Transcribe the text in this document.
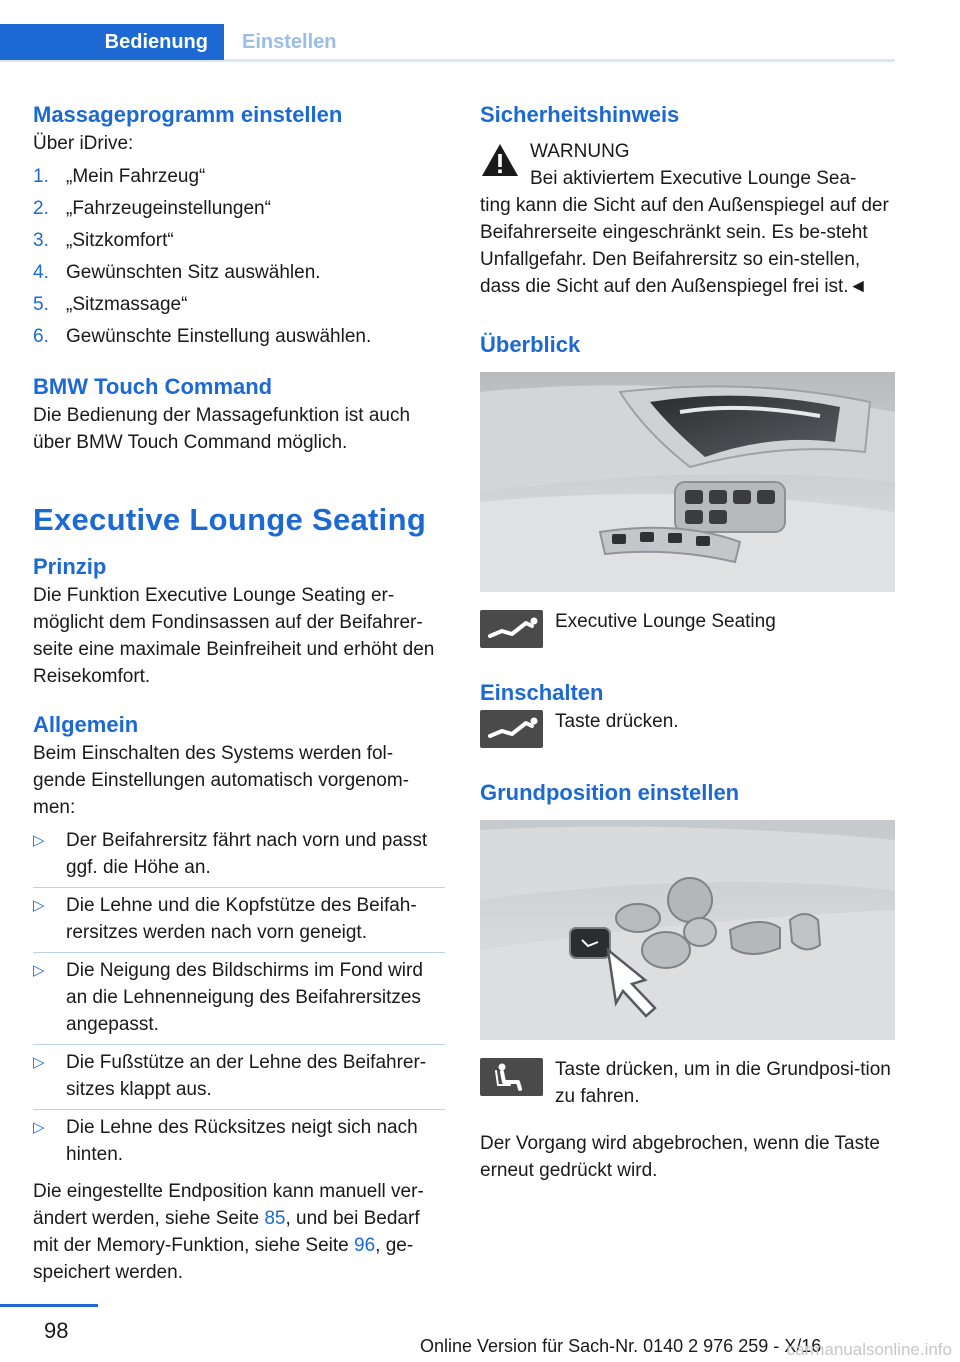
Bedienung	Einstellen
Massageprogramm einstellen

Über iDrive:

1. „Mein Fahrzeug“
2. „Fahrzeugeinstellungen“
3. „Sitzkomfort“
4. Gewünschten Sitz auswählen.
5. „Sitzmassage“
6. Gewünschte Einstellung auswählen.
BMW Touch Command

Die Bedienung der Massagefunktion ist auch über BMW Touch Command möglich.

Executive Lounge Seating
Prinzip

Die Funktion Executive Lounge Seating er-möglicht dem Fondinsassen auf der Beifahrer-seite eine maximale Beinfreiheit und erhöht den Reisekomfort.

Allgemein

Beim Einschalten des Systems werden fol-gende Einstellungen automatisch vorgenom-men:

▷ Der Beifahrersitz fährt nach vorn und passt ggf. die Höhe an.
▷ Die Lehne und die Kopfstütze des Beifah-rersitzes werden nach vorn geneigt.
▷ Die Neigung des Bildschirms im Fond wird an die Lehnenneigung des Beifahrersitzes angepasst.
▷ Die Fußstütze an der Lehne des Beifahrer-sitzes klappt aus.
▷ Die Lehne des Rücksitzes neigt sich nach hinten.

Die eingestellte Endposition kann manuell ver-ändert werden, siehe Seite 85, und bei Bedarf mit der Memory-Funktion, siehe Seite 96, ge-speichert werden.

Sicherheitshinweis

WARNUNG

Bei aktiviertem Executive Lounge Sea-

ting kann die Sicht auf den Außenspiegel auf der Beifahrerseite eingeschränkt sein. Es be-steht Unfallgefahr. Den Beifahrersitz so ein-stellen, dass die Sicht auf den Außenspiegel frei ist.◄

Überblick

Executive Lounge Seating

Einschalten

Taste drücken.

Grundposition einstellen

Taste drücken, um in die Grundposi-tion zu fahren.

Der Vorgang wird abgebrochen, wenn die Taste erneut gedrückt wird.

98
Online Version für Sach-Nr. 0140 2 976 259 - X/16
carmanualsonline.info
